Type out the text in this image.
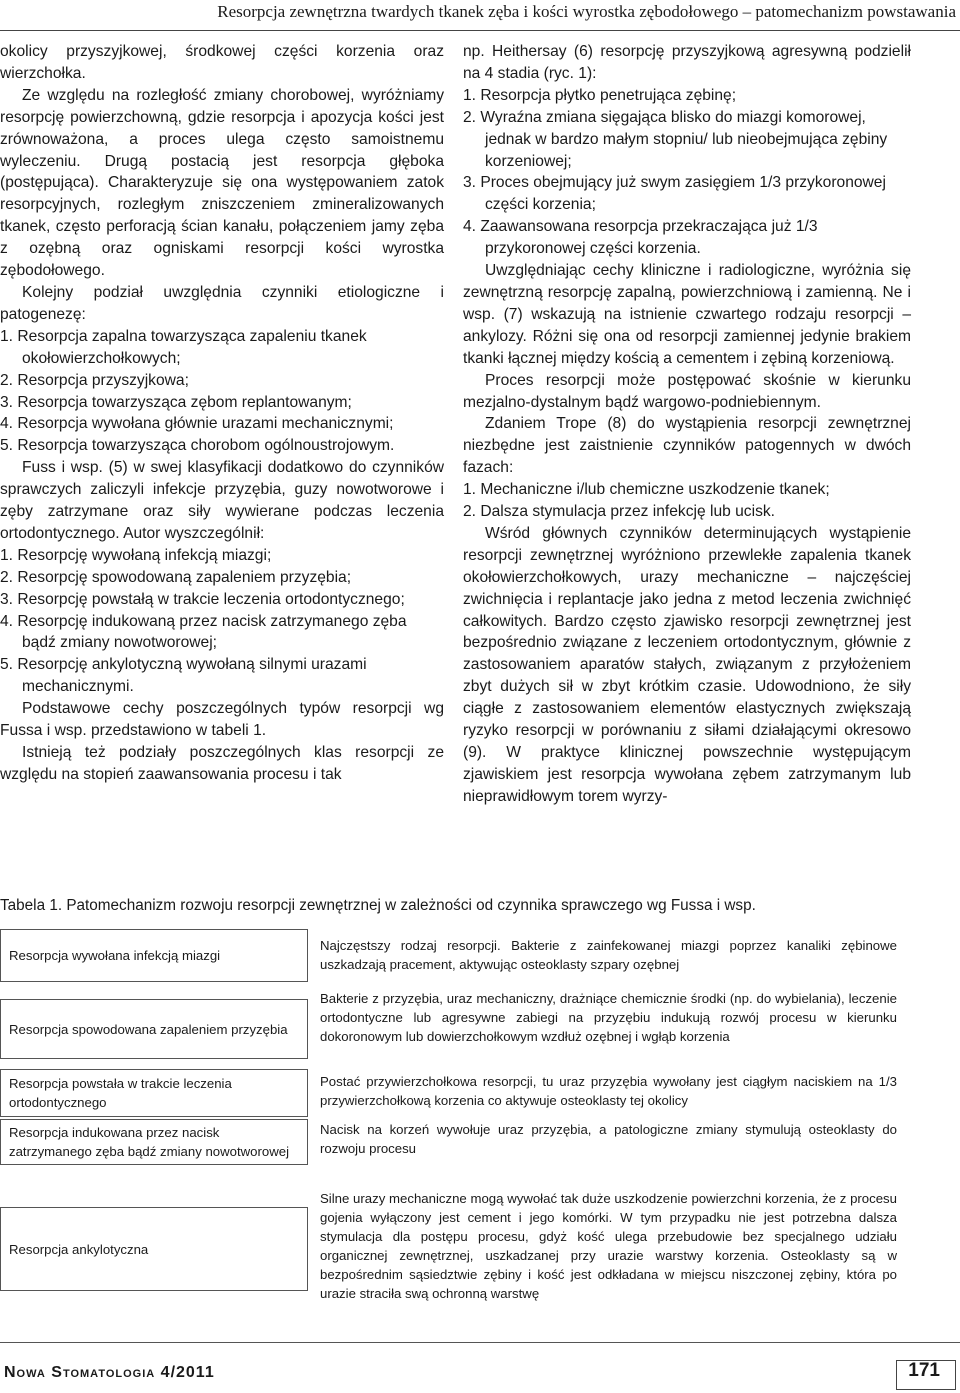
Resorpcja zewnętrzna twardych tkanek zęba i kości wyrostka zębodołowego – patomechanizm powstawania

okolicy przyszyjkowej, środkowej części korzenia oraz wierzchołka.

Ze względu na rozległość zmiany chorobowej, wyróżniamy resorpcję powierzchowną, gdzie resorpcja i apozycja kości jest zrównoważona, a proces ulega często samoistnemu wyleczeniu. Drugą postacią jest resorpcja głęboka (postępująca). Charakteryzuje się ona występowaniem zatok resorpcyjnych, rozległym zniszczeniem zmineralizowanych tkanek, często perforacją ścian kanału, połączeniem jamy zęba z ozębną oraz ogniskami resorpcji kości wyrostka zębodołowego.

Kolejny podział uwzględnia czynniki etiologiczne i patogenezę:

1. Resorpcja zapalna towarzysząca zapaleniu tkanek okołowierzchołkowych;
2. Resorpcja przyszyjkowa;
3. Resorpcja towarzysząca zębom replantowanym;
4. Resorpcja wywołana głównie urazami mechanicznymi;
5. Resorpcja towarzysząca chorobom ogólnoustrojowym.

Fuss i wsp. (5) w swej klasyfikacji dodatkowo do czynników sprawczych zaliczyli infekcje przyzębia, guzy nowotworowe i zęby zatrzymane oraz siły wywierane podczas leczenia ortodontycznego. Autor wyszczególnił:

1. Resorpcję wywołaną infekcją miazgi;
2. Resorpcję spowodowaną zapaleniem przyzębia;
3. Resorpcję powstałą w trakcie leczenia ortodontycznego;
4. Resorpcję indukowaną przez nacisk zatrzymanego zęba bądź zmiany nowotworowej;
5. Resorpcję ankylotyczną wywołaną silnymi urazami mechanicznymi.

Podstawowe cechy poszczególnych typów resorpcji wg Fussa i wsp. przedstawiono w tabeli 1.

Istnieją też podziały poszczególnych klas resorpcji ze względu na stopień zaawansowania procesu i tak

np. Heithersay (6) resorpcję przyszyjkową agresywną podzielił na 4 stadia (ryc. 1):

1. Resorpcja płytko penetrująca zębinę;
2. Wyraźna zmiana sięgająca blisko do miazgi komorowej, jednak w bardzo małym stopniu/ lub nieobejmująca zębiny korzeniowej;
3. Proces obejmujący już swym zasięgiem 1/3 przykoronowej części korzenia;
4. Zaawansowana resorpcja przekraczająca już 1/3 przykoronowej części korzenia.

Uwzględniając cechy kliniczne i radiologiczne, wyróżnia się zewnętrzną resorpcję zapalną, powierzchniową i zamienną. Ne i wsp. (7) wskazują na istnienie czwartego rodzaju resorpcji – ankylozy. Różni się ona od resorpcji zamiennej jedynie brakiem tkanki łącznej między kością a cementem i zębiną korzeniową.

Proces resorpcji może postępować skośnie w kierunku mezjalno-dystalnym bądź wargowo-podniebiennym.

Zdaniem Trope (8) do wystąpienia resorpcji zewnętrznej niezbędne jest zaistnienie czynników patogennych w dwóch fazach:

1. Mechaniczne i/lub chemiczne uszkodzenie tkanek;
2. Dalsza stymulacja przez infekcję lub ucisk.

Wśród głównych czynników determinujących wystąpienie resorpcji zewnętrznej wyróżniono przewlekłe zapalenia tkanek okołowierzchołkowych, urazy mechaniczne – najczęściej zwichnięcia i replantacje jako jedna z metod leczenia zwichnięć całkowitych. Bardzo często zjawisko resorpcji zewnętrznej jest bezpośrednio związane z leczeniem ortodontycznym, głównie z zastosowaniem aparatów stałych, związanym z przyłożeniem zbyt dużych sił w zbyt krótkim czasie. Udowodniono, że siły ciągłe z zastosowaniem elementów elastycznych zwiększają ryzyko resorpcji w porównaniu z siłami działającymi okresowo (9). W praktyce klinicznej powszechnie występującym zjawiskiem jest resorpcja wywołana zębem zatrzymanym lub nieprawidłowym torem wyrzy-

Tabela 1. Patomechanizm rozwoju resorpcji zewnętrznej w zależności od czynnika sprawczego wg Fussa i wsp.
Resorpcja wywołana infekcją miazgi
Najczęstszy rodzaj resorpcji. Bakterie z zainfekowanej miazgi poprzez kanaliki zębinowe uszkadzają pracement, aktywując osteoklasty szpary ozębnej
Resorpcja spowodowana zapaleniem przyzębia
Bakterie z przyzębia, uraz mechaniczny, drażniące chemicznie środki (np. do wybielania), leczenie ortodontyczne lub agresywne zabiegi na przyzębiu indukują rozwój procesu w kierunku dokoronowym lub dowierzchołkowym wzdłuż ozębnej i wgłąb korzenia
Resorpcja powstała w trakcie leczenia ortodontycznego
Postać przywierzchołkowa resorpcji, tu uraz przyzębia wywołany jest ciągłym naciskiem na 1/3 przywierzchołkową korzenia co aktywuje osteoklasty tej okolicy
Resorpcja indukowana przez nacisk zatrzymanego zęba bądź zmiany nowotworowej
Nacisk na korzeń wywołuje uraz przyzębia, a patologiczne zmiany stymulują osteoklasty do rozwoju procesu
Resorpcja ankylotyczna
Silne urazy mechaniczne mogą wywołać tak duże uszkodzenie powierzchni korzenia, że z procesu gojenia wyłączony jest cement i jego komórki. W tym przypadku nie jest potrzebna dalsza stymulacja dla postępu procesu, gdyż kość ulega przebudowie bez specjalnego udziału organicznej zewnętrznej, uszkadzanej przy urazie warstwy korzenia. Osteoklasty są w bezpośrednim sąsiedztwie zębiny i kość jest odkładana w miejscu niszczonej zębiny, która po urazie straciła swą ochronną warstwę
Nowa Stomatologia 4/2011	171
